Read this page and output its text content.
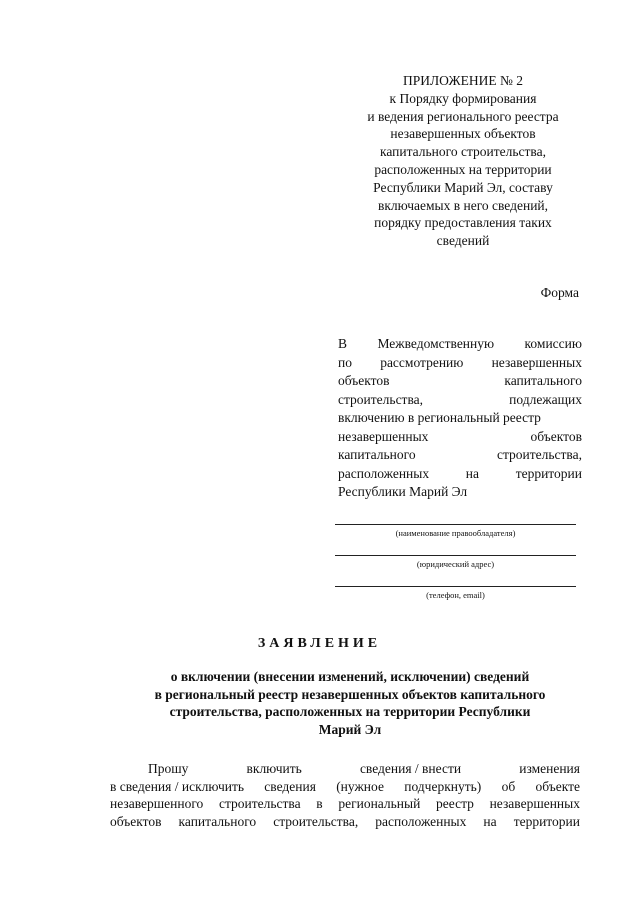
ПРИЛОЖЕНИЕ № 2
к Порядку формирования
и ведения регионального реестра
незавершенных объектов
капитального строительства,
расположенных на территории
Республики Марий Эл, составу
включаемых в него сведений,
порядку предоставления таких
сведений
Форма
В Межведомственную комиссию
по рассмотрению незавершенных
объектов	капитального
строительства,	подлежащих
включению в региональный реестр
незавершенных	объектов
капитального	строительства,
расположенных	на	территории
Республики Марий Эл
(наименование правообладателя)
(юридический адрес)
(телефон, email)
ЗАЯВЛЕНИЕ
о включении (внесении изменений, исключении) сведений
в региональный реестр незавершенных объектов капитального
строительства, расположенных на территории Республики
Марий Эл
Прошу	включить	сведения / внести	изменения
в сведения / исключить сведения (нужное подчеркнуть) об объекте
незавершенного строительства в региональный реестр незавершенных
объектов капитального строительства, расположенных на территории
